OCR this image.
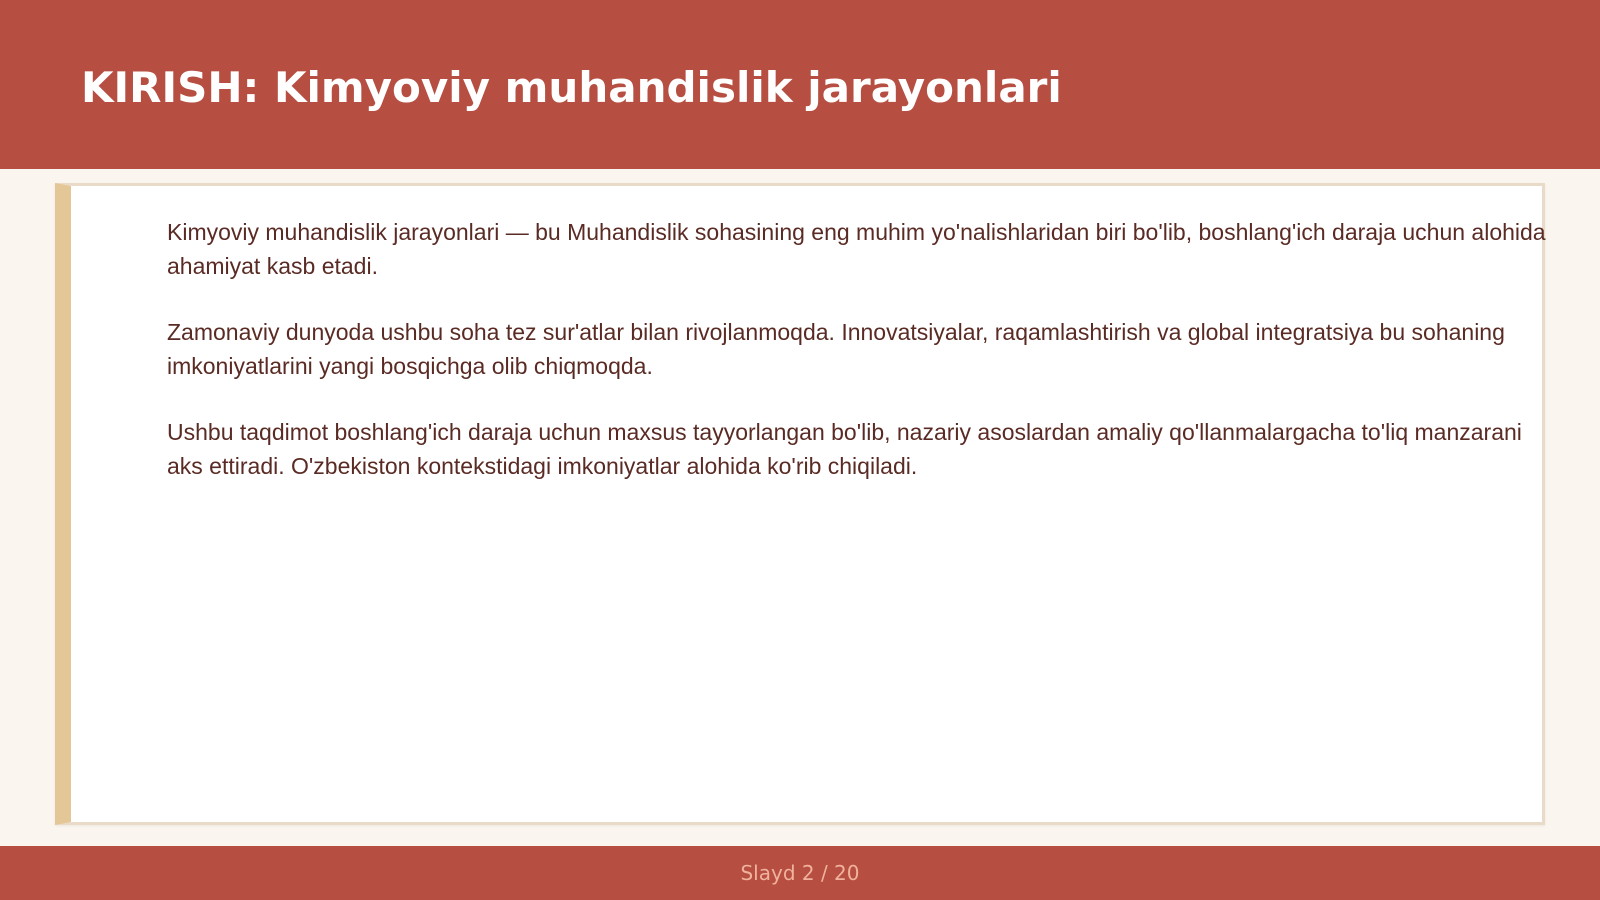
KIRISH: Kimyoviy muhandislik jarayonlari

Kimyoviy muhandislik jarayonlari — bu Muhandislik sohasining eng muhim yo'nalishlaridan biri bo'lib, boshlang'ich daraja uchun alohida ahamiyat kasb etadi.

Zamonaviy dunyoda ushbu soha tez sur'atlar bilan rivojlanmoqda. Innovatsiyalar, raqamlashtirish va global integratsiya bu sohaning imkoniyatlarini yangi bosqichga olib chiqmoqda.

Ushbu taqdimot boshlang'ich daraja uchun maxsus tayyorlangan bo'lib, nazariy asoslardan amaliy qo'llanmalargacha to'liq manzarani aks ettiradi. O'zbekiston kontekstidagi imkoniyatlar alohida ko'rib chiqiladi.

Slayd 2 / 20
